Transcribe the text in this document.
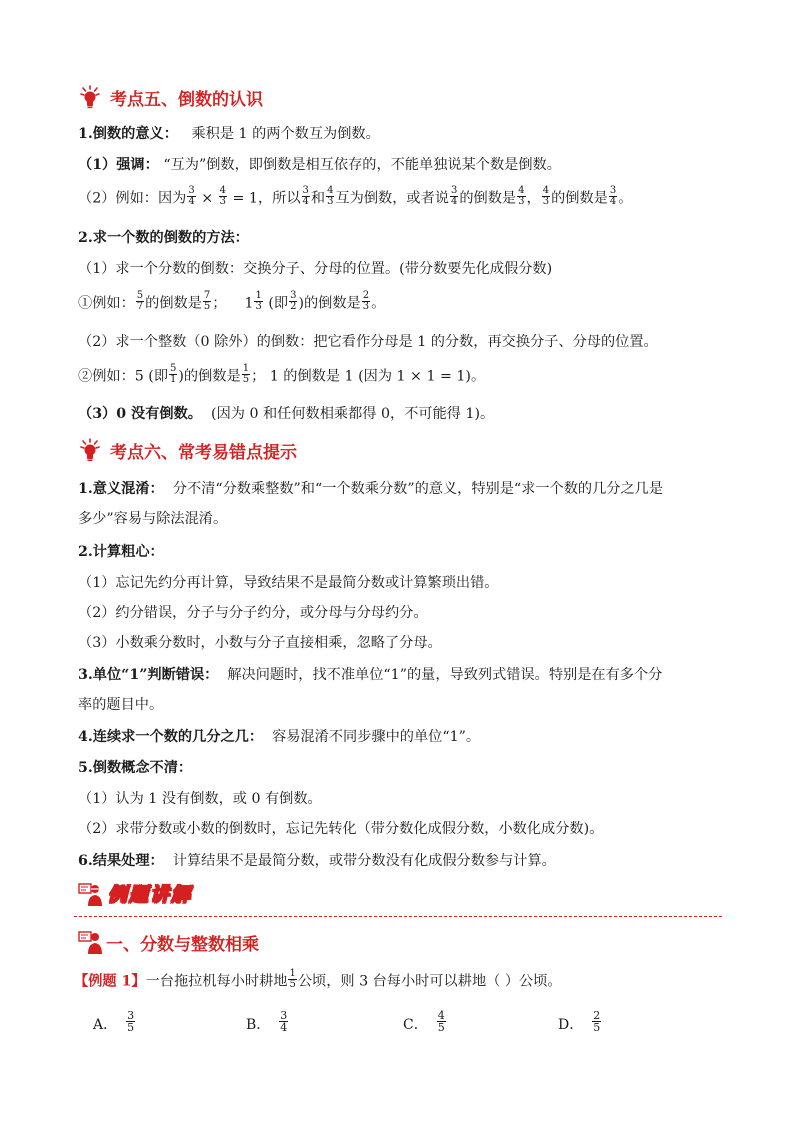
考点五、倒数的认识
1.倒数的意义： 乘积是 1 的两个数互为倒数。
（1）强调： “互为”倒数，即倒数是相互依存的，不能单独说某个数是倒数。
（2）例如：因为 $\frac{3}{4} \times \frac{4}{3} = 1$，所以 $\frac{3}{4}$ 和 $\frac{4}{3}$ 互为倒数，或者说 $\frac{3}{4}$ 的倒数是 $\frac{4}{3}$ ， $\frac{4}{3}$ 的倒数是 $\frac{3}{4}$ 。
2.求一个数的倒数的方法：
（1）求一个分数的倒数：交换分子、分母的位置。(带分数要先化成假分数)
①例如： $\frac{5}{7}$ 的倒数是 $\frac{7}{5}$ ； $1 \frac{1}{3}$ (即 $\frac{3}{2}$ )的倒数是 $\frac{2}{3}$ 。
（2）求一个整数（0 除外）的倒数：把它看作分母是 1 的分数，再交换分子、分母的位置。
②例如：5 (即 $\frac{5}{1}$ )的倒数是 $\frac{1}{5}$ ； 1 的倒数是 1 (因为 1 × 1 = 1)。
（3）0 没有倒数。 (因为 0 和任何数相乘都得 0，不可能得 1)。
考点六、常考易错点提示
1.意义混淆： 分不清“分数乘整数”和“一个数乘分数”的意义，特别是“求一个数的几分之几是
多少”容易与除法混淆。
2.计算粗心：
（1）忘记先约分再计算，导致结果不是最简分数或计算繁琐出错。
（2）约分错误，分子与分子约分，或分母与分母约分。
（3）小数乘分数时，小数与分子直接相乘，忽略了分母。
3.单位“1”判断错误： 解决问题时，找不准单位“1”的量，导致列式错误。特别是在有多个分
率的题目中。
4.连续求一个数的几分之几： 容易混淆不同步骤中的单位“1”。
5.倒数概念不清：
（1）认为 1 没有倒数，或 0 有倒数。
（2）求带分数或小数的倒数时，忘记先转化（带分数化成假分数，小数化成分数)。
6.结果处理： 计算结果不是最简分数，或带分数没有化成假分数参与计算。
例题讲解
一、分数与整数相乘
【例题 1】一台拖拉机每小时耕地 $\frac{1}{5}$ 公顷，则 3 台每小时可以耕地（ ）公顷。
A． $\frac{3}{5}$	B． $\frac{3}{4}$	C． $\frac{4}{5}$	D． $\frac{2}{5}$
